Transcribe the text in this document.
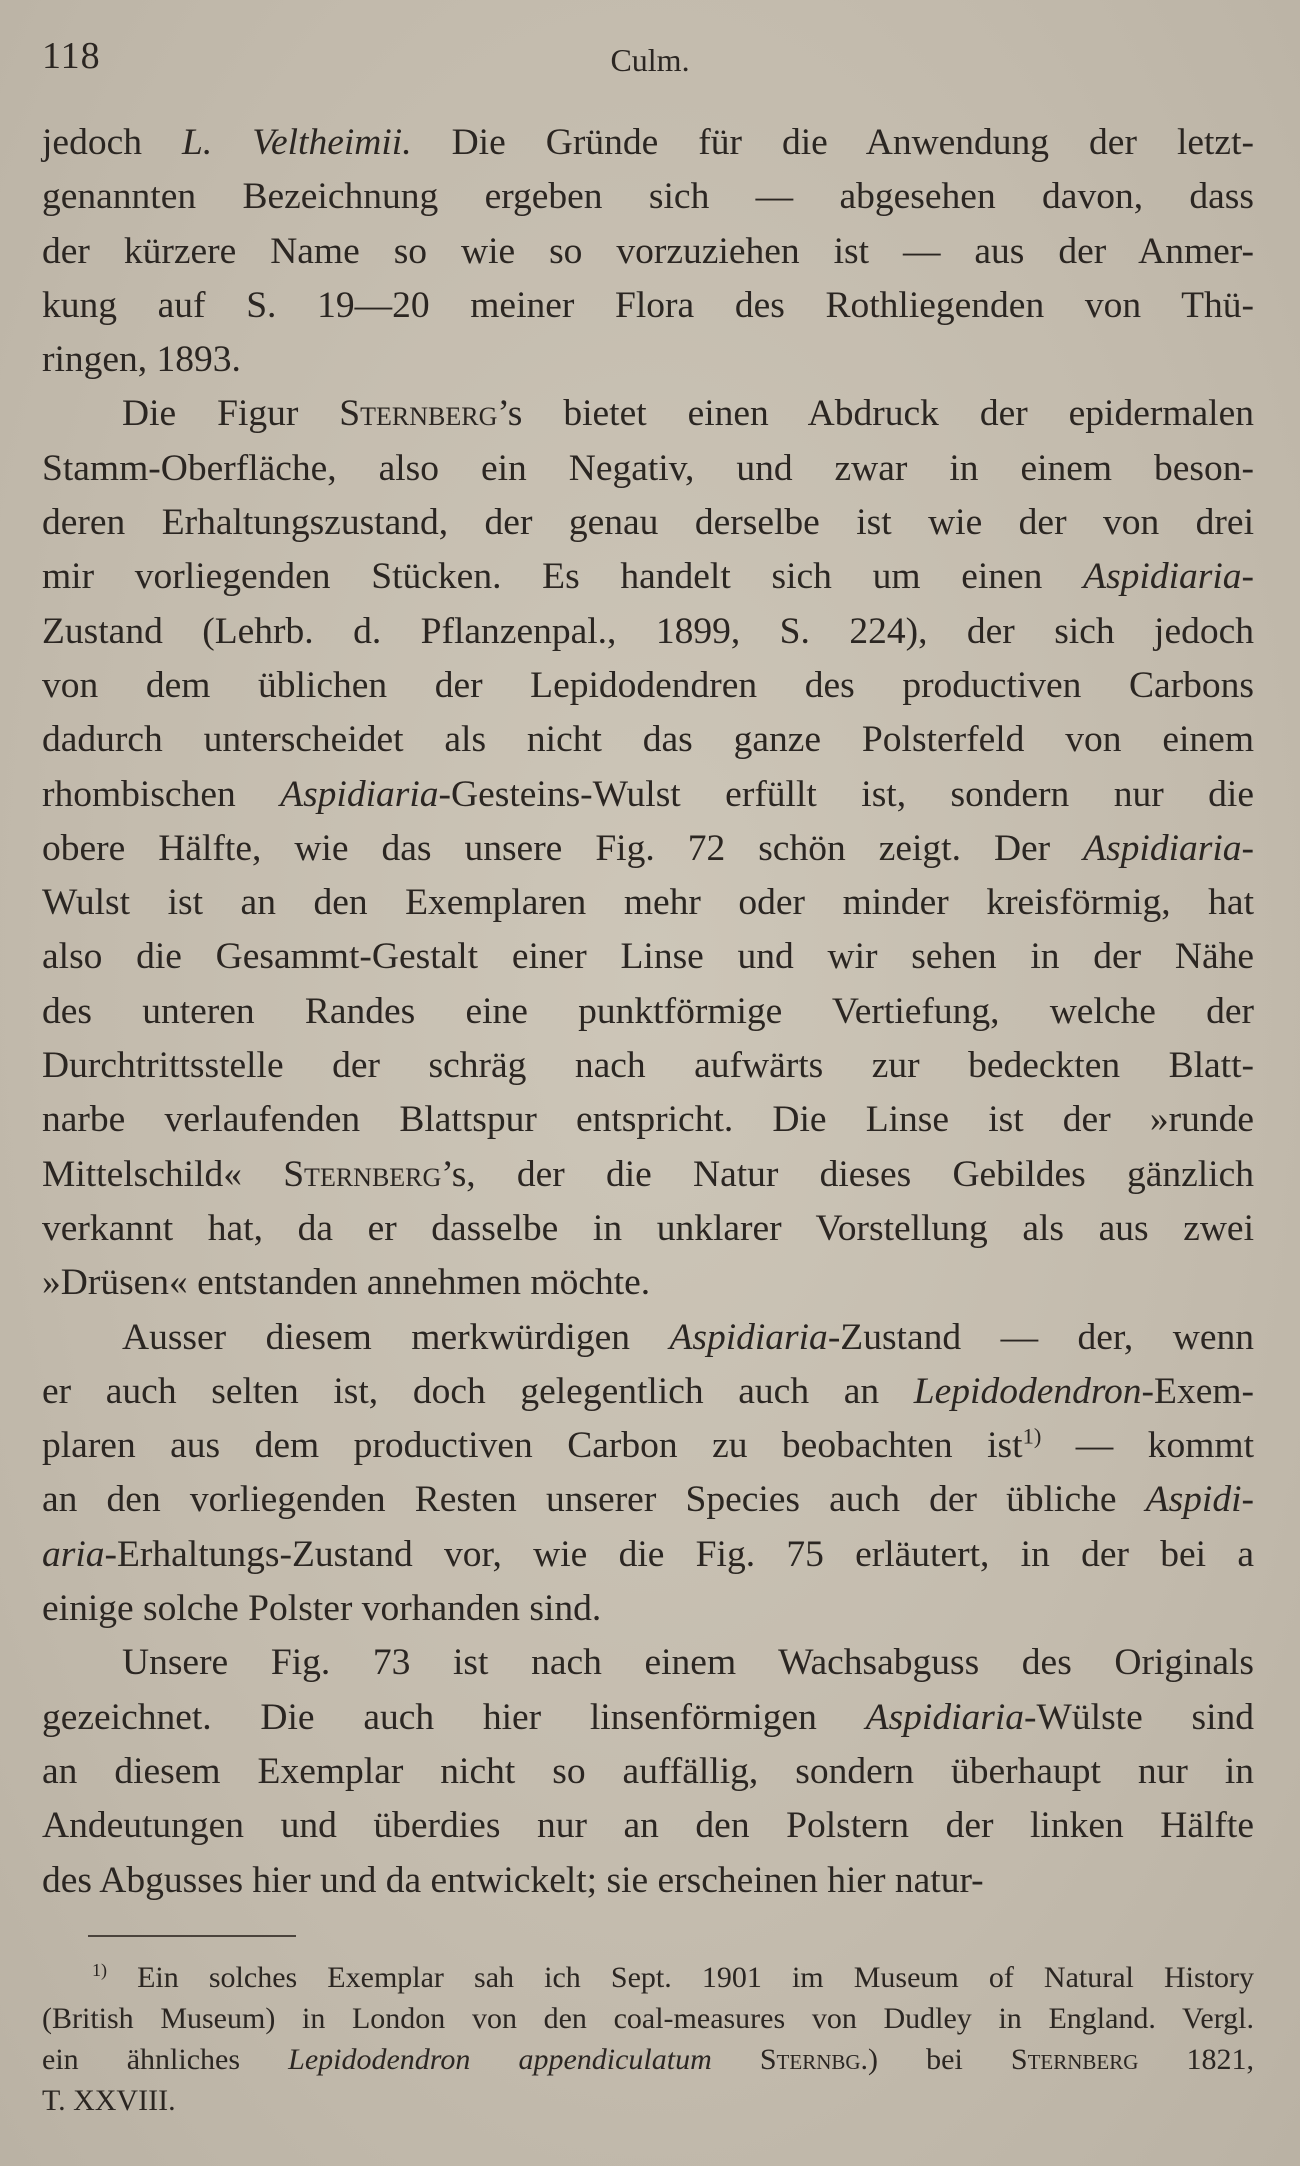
118	Culm.
jedoch L. Veltheimii. Die Gründe für die Anwendung der letzt-
genannten Bezeichnung ergeben sich — abgesehen davon, dass
der kürzere Name so wie so vorzuziehen ist — aus der Anmer-
kung auf S. 19—20 meiner Flora des Rothliegenden von Thü-
ringen, 1893.
Die Figur Sternberg’s bietet einen Abdruck der epidermalen
Stamm-Oberfläche, also ein Negativ, und zwar in einem beson-
deren Erhaltungszustand, der genau derselbe ist wie der von drei
mir vorliegenden Stücken. Es handelt sich um einen Aspidiaria-
Zustand (Lehrb. d. Pflanzenpal., 1899, S. 224), der sich jedoch
von dem üblichen der Lepidodendren des productiven Carbons
dadurch unterscheidet als nicht das ganze Polsterfeld von einem
rhombischen Aspidiaria-Gesteins-Wulst erfüllt ist, sondern nur die
obere Hälfte, wie das unsere Fig. 72 schön zeigt. Der Aspidiaria-
Wulst ist an den Exemplaren mehr oder minder kreisförmig, hat
also die Gesammt-Gestalt einer Linse und wir sehen in der Nähe
des unteren Randes eine punktförmige Vertiefung, welche der
Durchtrittsstelle der schräg nach aufwärts zur bedeckten Blatt-
narbe verlaufenden Blattspur entspricht. Die Linse ist der »runde
Mittelschild« Sternberg’s, der die Natur dieses Gebildes gänzlich
verkannt hat, da er dasselbe in unklarer Vorstellung als aus zwei
»Drüsen« entstanden annehmen möchte.
Ausser diesem merkwürdigen Aspidiaria-Zustand — der, wenn
er auch selten ist, doch gelegentlich auch an Lepidodendron-Exem-
plaren aus dem productiven Carbon zu beobachten ist$^{1)}$ — kommt
an den vorliegenden Resten unserer Species auch der übliche Aspidi-
aria-Erhaltungs-Zustand vor, wie die Fig. 75 erläutert, in der bei a
einige solche Polster vorhanden sind.
Unsere Fig. 73 ist nach einem Wachsabguss des Originals
gezeichnet. Die auch hier linsenförmigen Aspidiaria-Wülste sind
an diesem Exemplar nicht so auffällig, sondern überhaupt nur in
Andeutungen und überdies nur an den Polstern der linken Hälfte
des Abgusses hier und da entwickelt; sie erscheinen hier natur-
$^{1)}$ Ein solches Exemplar sah ich Sept. 1901 im Museum of Natural History
(British Museum) in London von den coal-measures von Dudley in England. Vergl.
ein ähnliches Lepidodendron appendiculatum Sternbg.) bei Sternberg 1821,
T. XXVIII.
